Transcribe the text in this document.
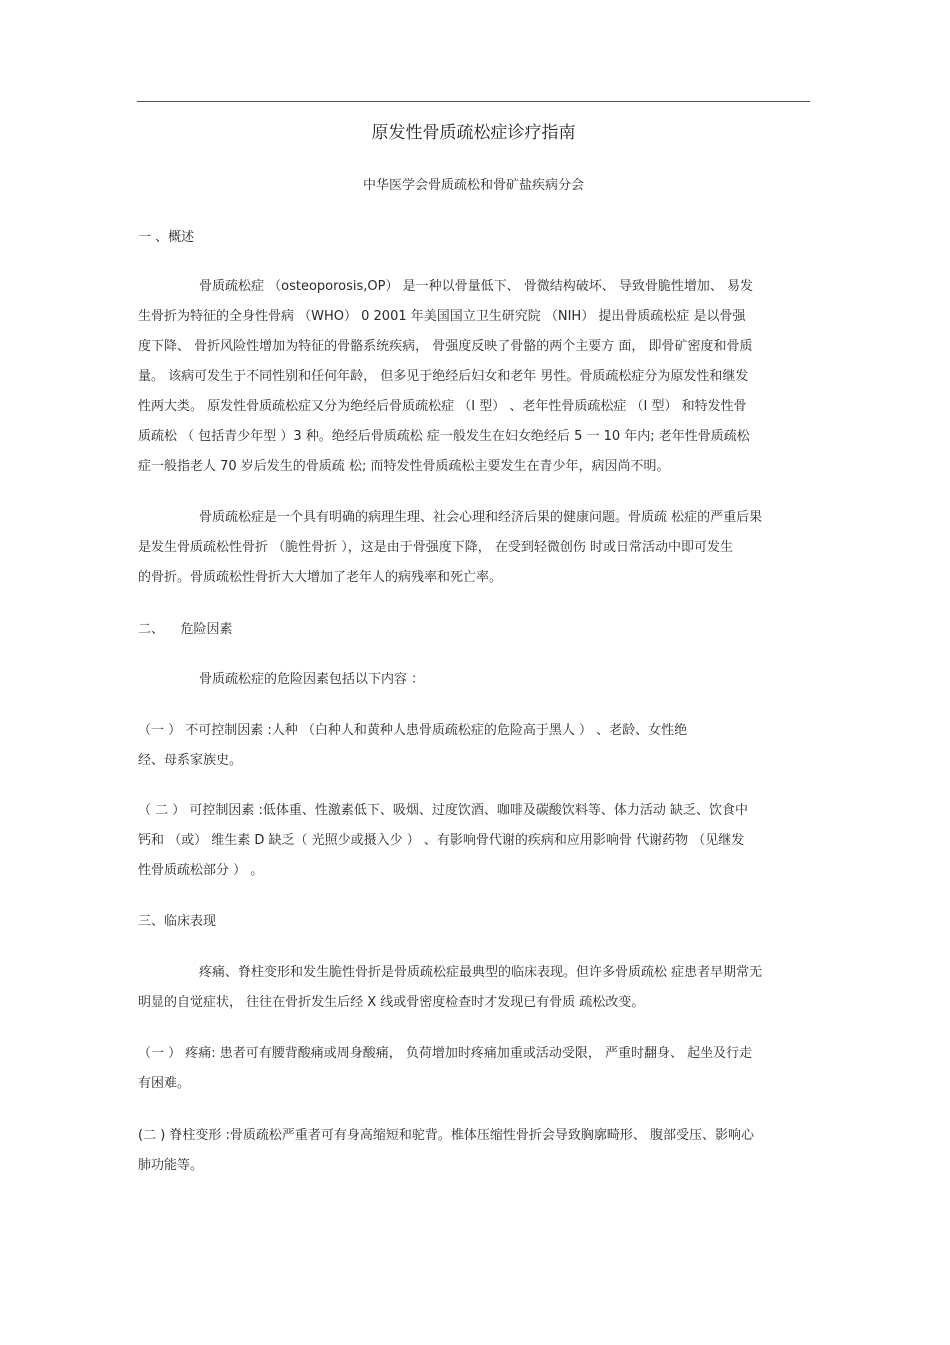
原发性骨质疏松症诊疗指南
中华医学会骨质疏松和骨矿盐疾病分会
一 、概述
骨质疏松症 （osteoporosis,OP） 是一种以骨量低下、 骨微结构破坏、 导致骨脆性增加、 易发
生骨折为特征的全身性骨病 （WHO） 0 2001 年美国国立卫生研究院 （NIH） 提出骨质疏松症 是以骨强
度下降、 骨折风险性增加为特征的骨骼系统疾病， 骨强度反映了骨骼的两个主要方 面， 即骨矿密度和骨质
量。 该病可发生于不同性别和任何年龄， 但多见于绝经后妇女和老年 男性。骨质疏松症分为原发性和继发
性两大类。 原发性骨质疏松症又分为绝经后骨质疏松症 （I 型） 、老年性骨质疏松症 （I 型） 和特发性骨
质疏松 （ 包括青少年型 ）3 种。绝经后骨质疏松 症一般发生在妇女绝经后 5 一 10 年内; 老年性骨质疏松
症一般指老人 70 岁后发生的骨质疏 松; 而特发性骨质疏松主要发生在青少年，病因尚不明。
骨质疏松症是一个具有明确的病理生理、社会心理和经济后果的健康问题。骨质疏 松症的严重后果
是发生骨质疏松性骨折 （脆性骨折 ），这是由于骨强度下降， 在受到轻微创伤 时或日常活动中即可发生
的骨折。骨质疏松性骨折大大增加了老年人的病残率和死亡率。
二、    危险因素
骨质疏松症的危险因素包括以下内容 ：
（一 ） 不可控制因素 :人种 （白种人和黄种人患骨质疏松症的危险高于黑人 ） 、老龄、女性绝
经、母系家族史。
（ 二 ） 可控制因素 :低体重、性激素低下、吸烟、过度饮酒、咖啡及碳酸饮料等、体力活动 缺乏、饮食中
钙和 （或） 维生素 D 缺乏（ 光照少或摄入少 ） 、有影响骨代谢的疾病和应用影响骨 代谢药物 （见继发
性骨质疏松部分 ） 。
三、临床表现
疼痛、脊柱变形和发生脆性骨折是骨质疏松症最典型的临床表现。但许多骨质疏松 症患者早期常无
明显的自觉症状， 往往在骨折发生后经 X 线或骨密度检查时才发现已有骨质 疏松改变。
（一 ） 疼痛: 患者可有腰背酸痛或周身酸痛， 负荷增加时疼痛加重或活动受限， 严重时翻身、 起坐及行走
有困难。
(二 ) 脊柱变形 :骨质疏松严重者可有身高缩短和驼背。椎体压缩性骨折会导致胸廓畸形、 腹部受压、影响心
肺功能等。
